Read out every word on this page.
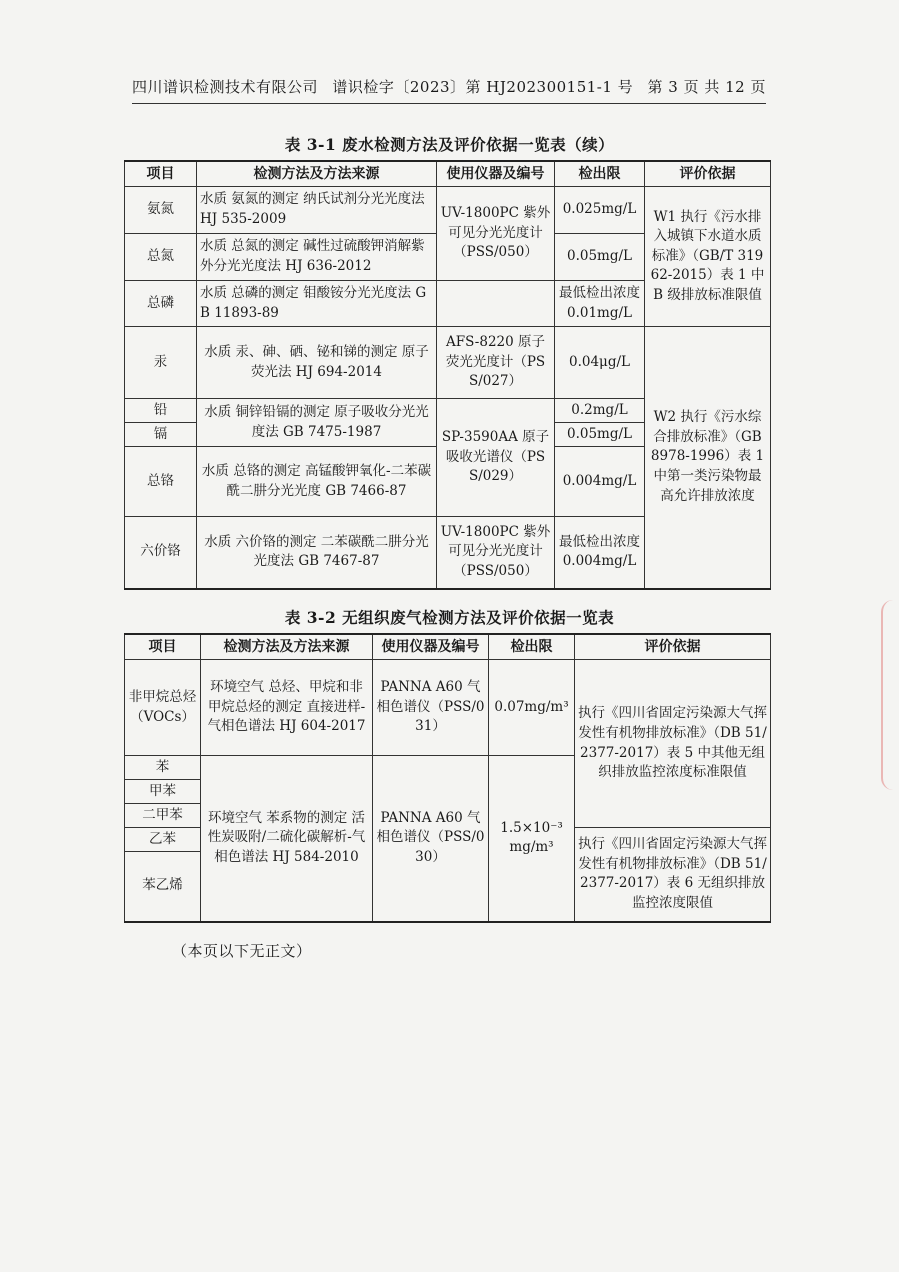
四川谱识检测技术有限公司 谱识检字〔2023〕第 HJ202300151-1 号 第 3 页 共 12 页
表 3-1 废水检测方法及评价依据一览表（续）
项目	检测方法及方法来源	使用仪器及编号	检出限	评价依据
氨氮	水质 氨氮的测定 纳氏试剂分光光度法 HJ 535-2009	UV-1800PC 紫外可见分光光度计（PSS/050）	0.025mg/L	W1 执行《污水排入城镇下水道水质标准》（GB/T 31962-2015）表 1 中 B 级排放标准限值
总氮	水质 总氮的测定 碱性过硫酸钾消解紫外分光光度法 HJ 636-2012		0.05mg/L	
总磷	水质 总磷的测定 钼酸铵分光光度法 GB 11893-89		最低检出浓度 0.01mg/L	
汞	水质 汞、砷、硒、铋和锑的测定 原子荧光法 HJ 694-2014	AFS-8220 原子荧光光度计（PSS/027）	0.04μg/L	W2 执行《污水综合排放标准》（GB 8978-1996）表 1 中第一类污染物最高允许排放浓度
铅	水质 铜锌铅镉的测定 原子吸收分光光度法 GB 7475-1987	SP-3590AA 原子吸收光谱仪（PSS/029）	0.2mg/L	
镉			0.05mg/L	
总铬	水质 总铬的测定 高锰酸钾氧化-二苯碳酰二肼分光光度 GB 7466-87		0.004mg/L	
六价铬	水质 六价铬的测定 二苯碳酰二肼分光光度法 GB 7467-87	UV-1800PC 紫外可见分光光度计（PSS/050）	最低检出浓度 0.004mg/L	
表 3-2 无组织废气检测方法及评价依据一览表
项目	检测方法及方法来源	使用仪器及编号	检出限	评价依据
非甲烷总烃（VOCs）	环境空气 总烃、甲烷和非甲烷总烃的测定 直接进样-气相色谱法 HJ 604-2017	PANNA A60 气相色谱仪（PSS/031）	0.07mg/m³	执行《四川省固定污染源大气挥发性有机物排放标准》（DB 51/2377-2017）表 5 中其他无组织排放监控浓度标准限值
苯	环境空气 苯系物的测定 活性炭吸附/二硫化碳解析-气相色谱法 HJ 584-2010	PANNA A60 气相色谱仪（PSS/030）	1.5×10⁻³ mg/m³	
甲苯				
二甲苯				
乙苯				执行《四川省固定污染源大气挥发性有机物排放标准》（DB 51/2377-2017）表 6 无组织排放监控浓度限值
苯乙烯				
（本页以下无正文）
